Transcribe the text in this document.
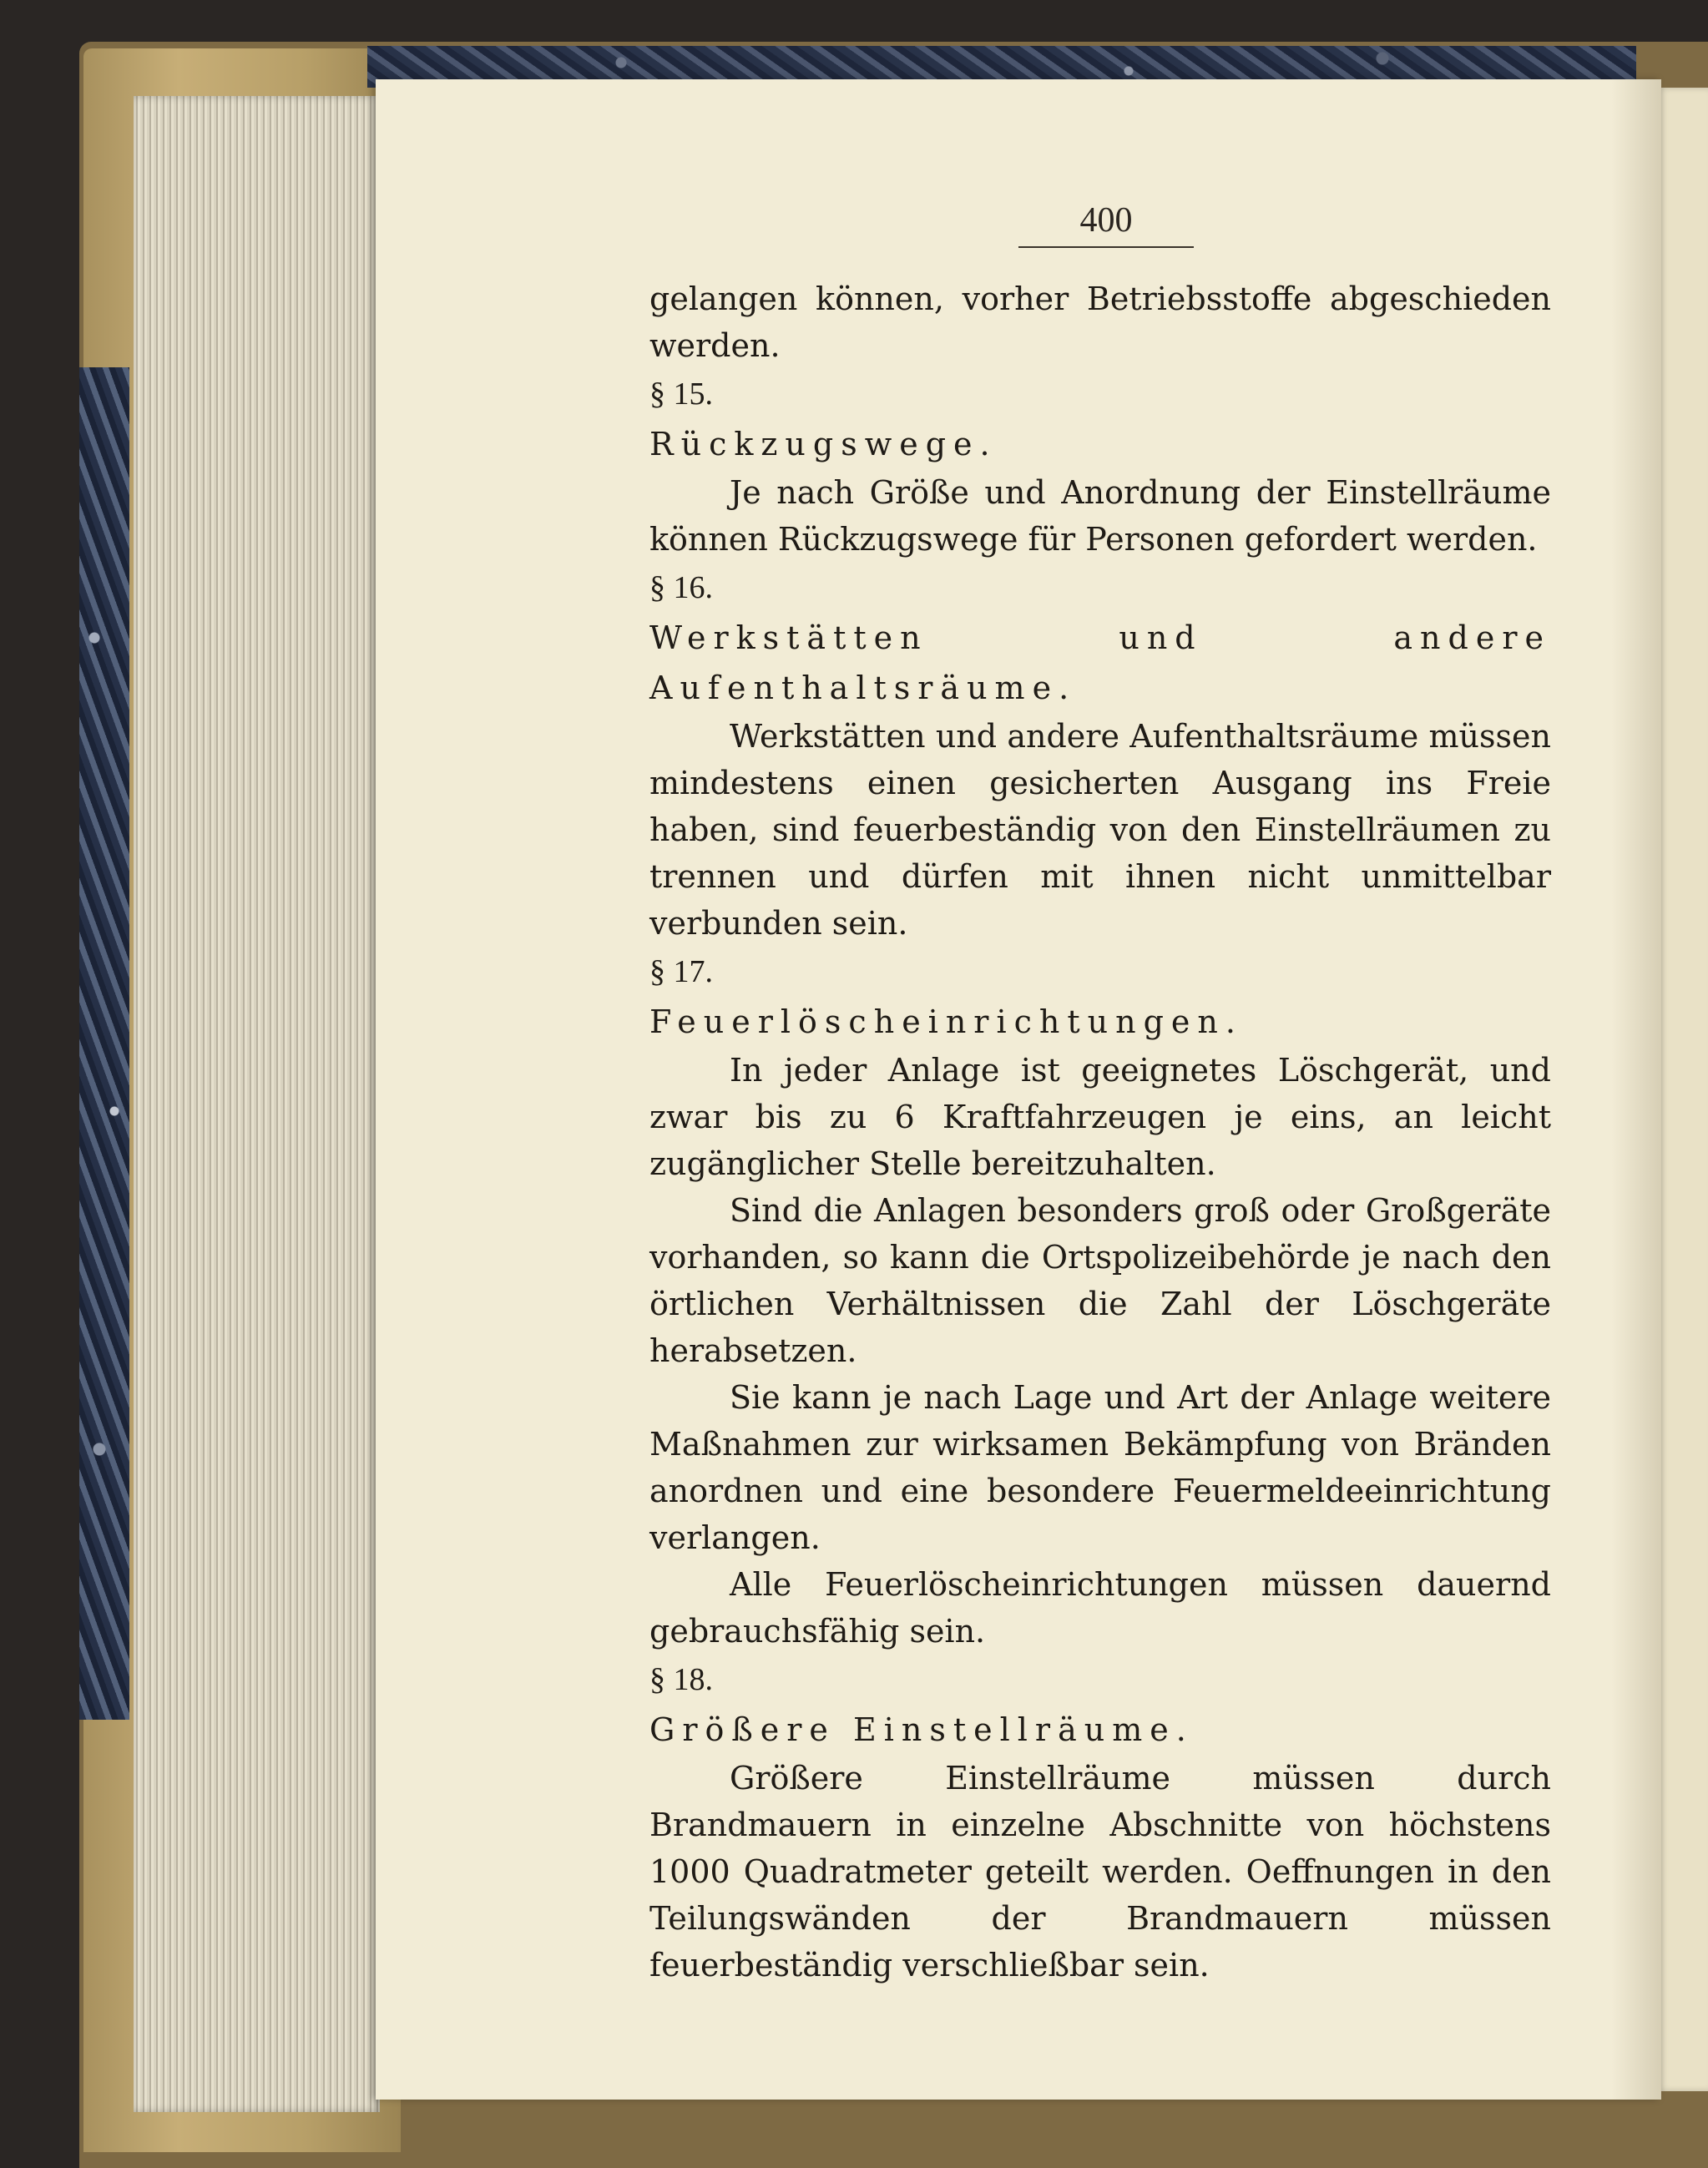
400

gelangen können, vorher Betriebsstoffe abgeschieden werden.

§ 15.

Rückzugswege.

Je nach Größe und Anordnung der Einstellräume können Rückzugswege für Personen gefordert werden.

§ 16.

Werkstätten und andere Aufenthaltsräume.

Werkstätten und andere Aufenthaltsräume müssen mindestens einen gesicherten Ausgang ins Freie haben, sind feuerbeständig von den Einstellräumen zu trennen und dürfen mit ihnen nicht unmittelbar verbunden sein.

§ 17.

Feuerlöscheinrichtungen.

In jeder Anlage ist geeignetes Löschgerät, und zwar bis zu 6 Kraftfahrzeugen je eins, an leicht zugänglicher Stelle bereitzuhalten.

Sind die Anlagen besonders groß oder Großgeräte vorhanden, so kann die Ortspolizeibehörde je nach den örtlichen Verhältnissen die Zahl der Löschgeräte herabsetzen.

Sie kann je nach Lage und Art der Anlage weitere Maßnahmen zur wirksamen Bekämpfung von Bränden anordnen und eine besondere Feuermeldeeinrichtung verlangen.

Alle Feuerlöscheinrichtungen müssen dauernd gebrauchsfähig sein.

§ 18.

Größere Einstellräume.

Größere Einstellräume müssen durch Brandmauern in einzelne Abschnitte von höchstens 1000 Quadratmeter geteilt werden. Oeffnungen in den Teilungswänden der Brandmauern müssen feuerbeständig verschließbar sein.
